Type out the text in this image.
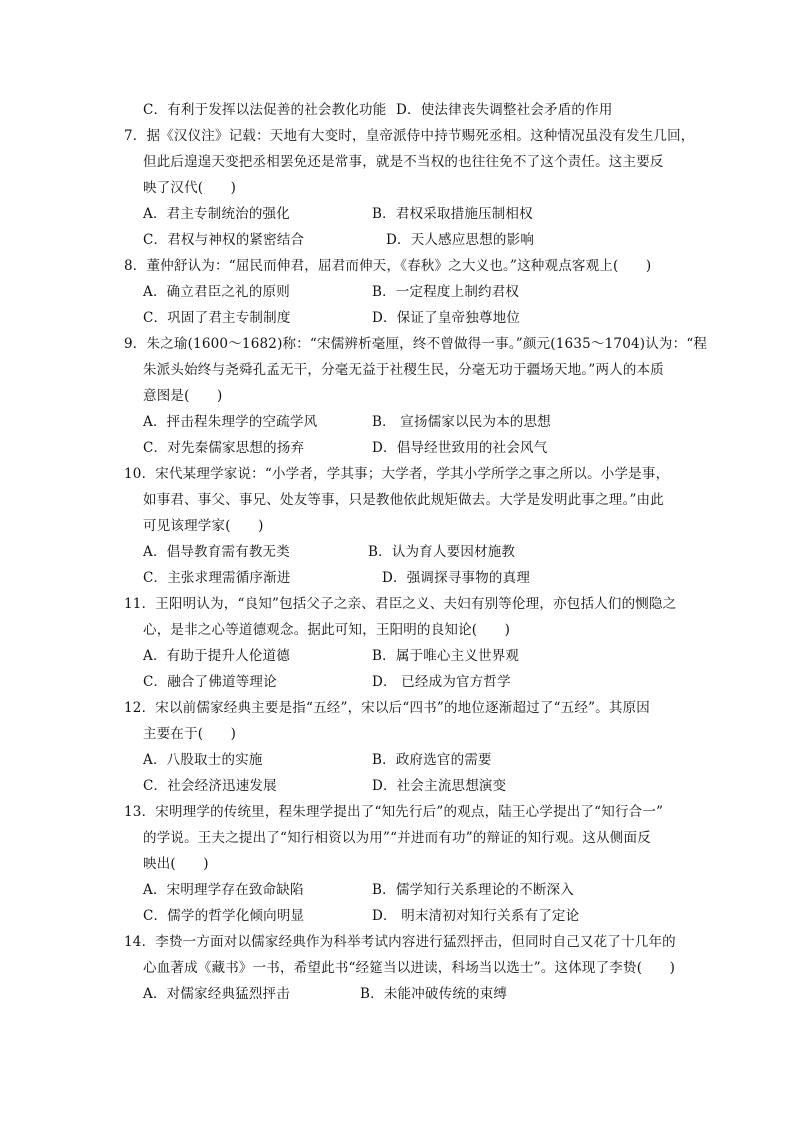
C．有利于发挥以法促善的社会教化功能 D．使法律丧失调整社会矛盾的作用
7．据《汉仪注》记载：天地有大变时，皇帝派侍中持节赐死丞相。这种情况虽没有发生几回，
但此后遑遑天变把丞相罢免还是常事，就是不当权的也往往免不了这个责任。这主要反
映了汉代(　　)
A．君主专制统治的强化	B．君权采取措施压制相权
C．君权与神权的紧密结合	D．天人感应思想的影响
8．董仲舒认为：“屈民而伸君，屈君而伸天，《春秋》之大义也。”这种观点客观上(　　)
A．确立君臣之礼的原则	B．一定程度上制约君权
C．巩固了君主专制制度	D．保证了皇帝独尊地位
9．朱之瑜(1600～1682)称：“宋儒辨析毫厘，终不曾做得一事。”颜元(1635～1704)认为：“程
朱派头始终与尧舜孔孟无干，分毫无益于社稷生民，分毫无功于疆场天地。”两人的本质
意图是(　　)
A．抨击程朱理学的空疏学风	B． 宣扬儒家以民为本的思想
C．对先秦儒家思想的扬弃	D．倡导经世致用的社会风气
10．宋代某理学家说：“小学者，学其事；大学者，学其小学所学之事之所以。小学是事，
如事君、事父、事兄、处友等事，只是教他依此规矩做去。大学是发明此事之理。”由此
可见该理学家(　　)
A．倡导教育需有教无类	B．认为育人要因材施教
C．主张求理需循序渐进	D．强调探寻事物的真理
11．王阳明认为，“良知”包括父子之亲、君臣之义、夫妇有别等伦理，亦包括人们的恻隐之
心，是非之心等道德观念。据此可知，王阳明的良知论(　　)
A．有助于提升人伦道德	B．属于唯心主义世界观
C．融合了佛道等理论	D． 已经成为官方哲学
12．宋以前儒家经典主要是指“五经”，宋以后“四书”的地位逐渐超过了“五经”。其原因
主要在于(　　)
A．八股取士的实施	B．政府选官的需要
C．社会经济迅速发展	D．社会主流思想演变
13．宋明理学的传统里，程朱理学提出了“知先行后”的观点，陆王心学提出了“知行合一”
的学说。王夫之提出了“知行相资以为用”“并进而有功”的辩证的知行观。这从侧面反
映出(　　)
A．宋明理学存在致命缺陷	B．儒学知行关系理论的不断深入
C．儒学的哲学化倾向明显	D． 明末清初对知行关系有了定论
14．李贽一方面对以儒家经典作为科举考试内容进行猛烈抨击，但同时自己又花了十几年的
心血著成《藏书》一书，希望此书“经筵当以进读，科场当以选士”。这体现了李贽(　　)
A．对儒家经典猛烈抨击	B．未能冲破传统的束缚
